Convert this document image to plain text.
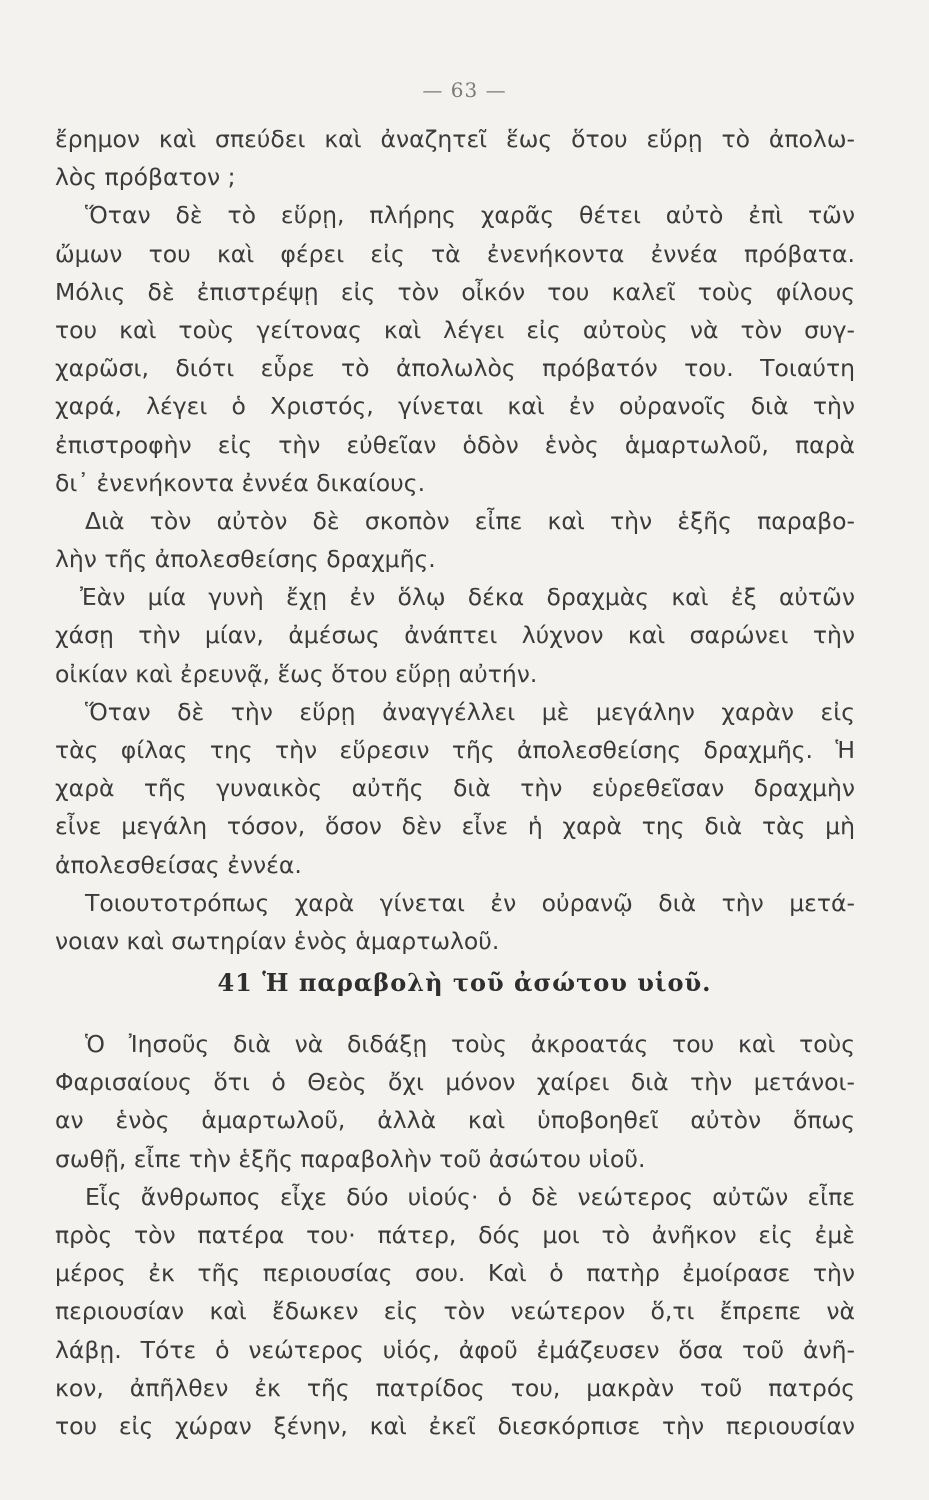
— 63 —
ἔρημον καὶ σπεύδει καὶ ἀναζητεῖ ἕως ὅτου εὕρῃ τὸ ἀπολω-
λὸς πρόβατον ;
Ὅταν δὲ τὸ εὕρῃ, πλήρης χαρᾶς θέτει αὐτὸ ἐπὶ τῶν
ὤμων του καὶ φέρει εἰς τὰ ἐνενήκοντα ἐννέα πρόβατα.
Μόλις δὲ ἐπιστρέψῃ εἰς τὸν οἶκόν του καλεῖ τοὺς φίλους
του καὶ τοὺς γείτονας καὶ λέγει εἰς αὐτοὺς νὰ τὸν συγ-
χαρῶσι, διότι εὗρε τὸ ἀπολωλὸς πρόβατόν του. Τοιαύτη
χαρά, λέγει ὁ Χριστός, γίνεται καὶ ἐν οὐρανοῖς διὰ τὴν
ἐπιστροφὴν εἰς τὴν εὐθεῖαν ὁδὸν ἑνὸς ἁμαρτωλοῦ, παρὰ
δι᾽ ἐνενήκοντα ἐννέα δικαίους.
Διὰ τὸν αὐτὸν δὲ σκοπὸν εἶπε καὶ τὴν ἑξῆς παραβο-
λὴν τῆς ἀπολεσθείσης δραχμῆς.
Ἐὰν μία γυνὴ ἔχῃ ἐν ὅλῳ δέκα δραχμὰς καὶ ἐξ αὐτῶν
χάσῃ τὴν μίαν, ἀμέσως ἀνάπτει λύχνον καὶ σαρώνει τὴν
οἰκίαν καὶ ἐρευνᾷ, ἕως ὅτου εὕρῃ αὐτήν.
Ὅταν δὲ τὴν εὕρῃ ἀναγγέλλει μὲ μεγάλην χαρὰν εἰς
τὰς φίλας της τὴν εὕρεσιν τῆς ἀπολεσθείσης δραχμῆς. Ἡ
χαρὰ τῆς γυναικὸς αὐτῆς διὰ τὴν εὑρεθεῖσαν δραχμὴν
εἶνε μεγάλη τόσον, ὅσον δὲν εἶνε ἡ χαρὰ της διὰ τὰς μὴ
ἀπολεσθείσας ἐννέα.
Τοιουτοτρόπως χαρὰ γίνεται ἐν οὐρανῷ διὰ τὴν μετά-
νοιαν καὶ σωτηρίαν ἑνὸς ἁμαρτωλοῦ.
41 Ἡ παραβολὴ τοῦ ἀσώτου υἱοῦ.
Ὁ Ἰησοῦς διὰ νὰ διδάξῃ τοὺς ἀκροατάς του καὶ τοὺς
Φαρισαίους ὅτι ὁ Θεὸς ὄχι μόνον χαίρει διὰ τὴν μετάνοι-
αν ἑνὸς ἁμαρτωλοῦ, ἀλλὰ καὶ ὑποβοηθεῖ αὐτὸν ὅπως
σωθῇ, εἶπε τὴν ἑξῆς παραβολὴν τοῦ ἀσώτου υἱοῦ.
Εἷς ἄνθρωπος εἶχε δύο υἱούς· ὁ δὲ νεώτερος αὐτῶν εἶπε
πρὸς τὸν πατέρα του· πάτερ, δός μοι τὸ ἀνῆκον εἰς ἐμὲ
μέρος ἐκ τῆς περιουσίας σου. Καὶ ὁ πατὴρ ἐμοίρασε τὴν
περιουσίαν καὶ ἔδωκεν εἰς τὸν νεώτερον ὅ,τι ἔπρεπε νὰ
λάβῃ. Τότε ὁ νεώτερος υἱός, ἀφοῦ ἐμάζευσεν ὅσα τοῦ ἀνῆ-
κον, ἀπῆλθεν ἐκ τῆς πατρίδος του, μακρὰν τοῦ πατρός
του εἰς χώραν ξένην, καὶ ἐκεῖ διεσκόρπισε τὴν περιουσίαν
